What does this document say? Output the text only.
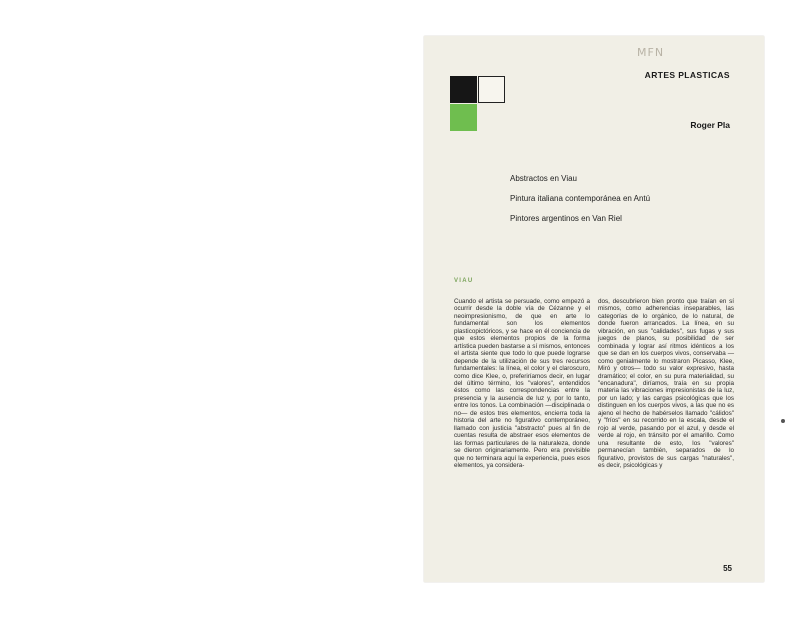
MFN
ARTES PLASTICAS
Roger Pla
Abstractos en Viau
Pintura italiana contemporánea en Antú
Pintores argentinos en Van Riel
VIAU
Cuando el artista se persuade, como empezó a ocurrir desde la doble vía de Cézanne y el neoimpresionismo, de que en arte lo fundamental son los elementos plasticopictóricos, y se hace en él conciencia de que estos elementos propios de la forma artística pueden bastarse a sí mismos, entonces el artista siente que todo lo que puede lograrse depende de la utilización de sus tres recursos fundamentales: la línea, el color y el claroscuro, como dice Klee, o, preferiríamos decir, en lugar del último término, los "valores", entendidos éstos como las correspondencias entre la presencia y la ausencia de luz y, por lo tanto, entre los tonos. La combinación —disciplinada o no— de estos tres elementos, encierra toda la historia del arte no figurativo contemporáneo, llamado con justicia "abstracto" pues al fin de cuentas resulta de abstraer esos elementos de las formas particulares de la naturaleza, donde se dieron originariamente. Pero era previsible que no terminara aquí la experiencia, pues esos elementos, ya considera-
dos, descubrieron bien pronto que traían en sí mismos, como adherencias inseparables, las categorías de lo orgánico, de lo natural, de donde fueron arrancados. La línea, en su vibración, en sus "calidades", sus fugas y sus juegos de planos, su posibilidad de ser combinada y lograr así ritmos idénticos a los que se dan en los cuerpos vivos, conservaba —como genialmente lo mostraron Picasso, Klee, Miró y otros— todo su valor expresivo, hasta dramático; el color, en su pura materialidad, su "encanadura", diríamos, traía en su propia materia las vibraciones impresionistas de la luz, por un lado; y las cargas psicológicas que los distinguen en los cuerpos vivos, a las que no es ajeno el hecho de habérselos llamado "cálidos" y "fríos" en su recorrido en la escala, desde el rojo al verde, pasando por el azul, y desde el verde al rojo, en tránsito por el amarillo. Como una resultante de esto, los "valores" permanecían también, separados de lo figurativo, provistos de sus cargas "naturales", es decir, psicológicas y
55
